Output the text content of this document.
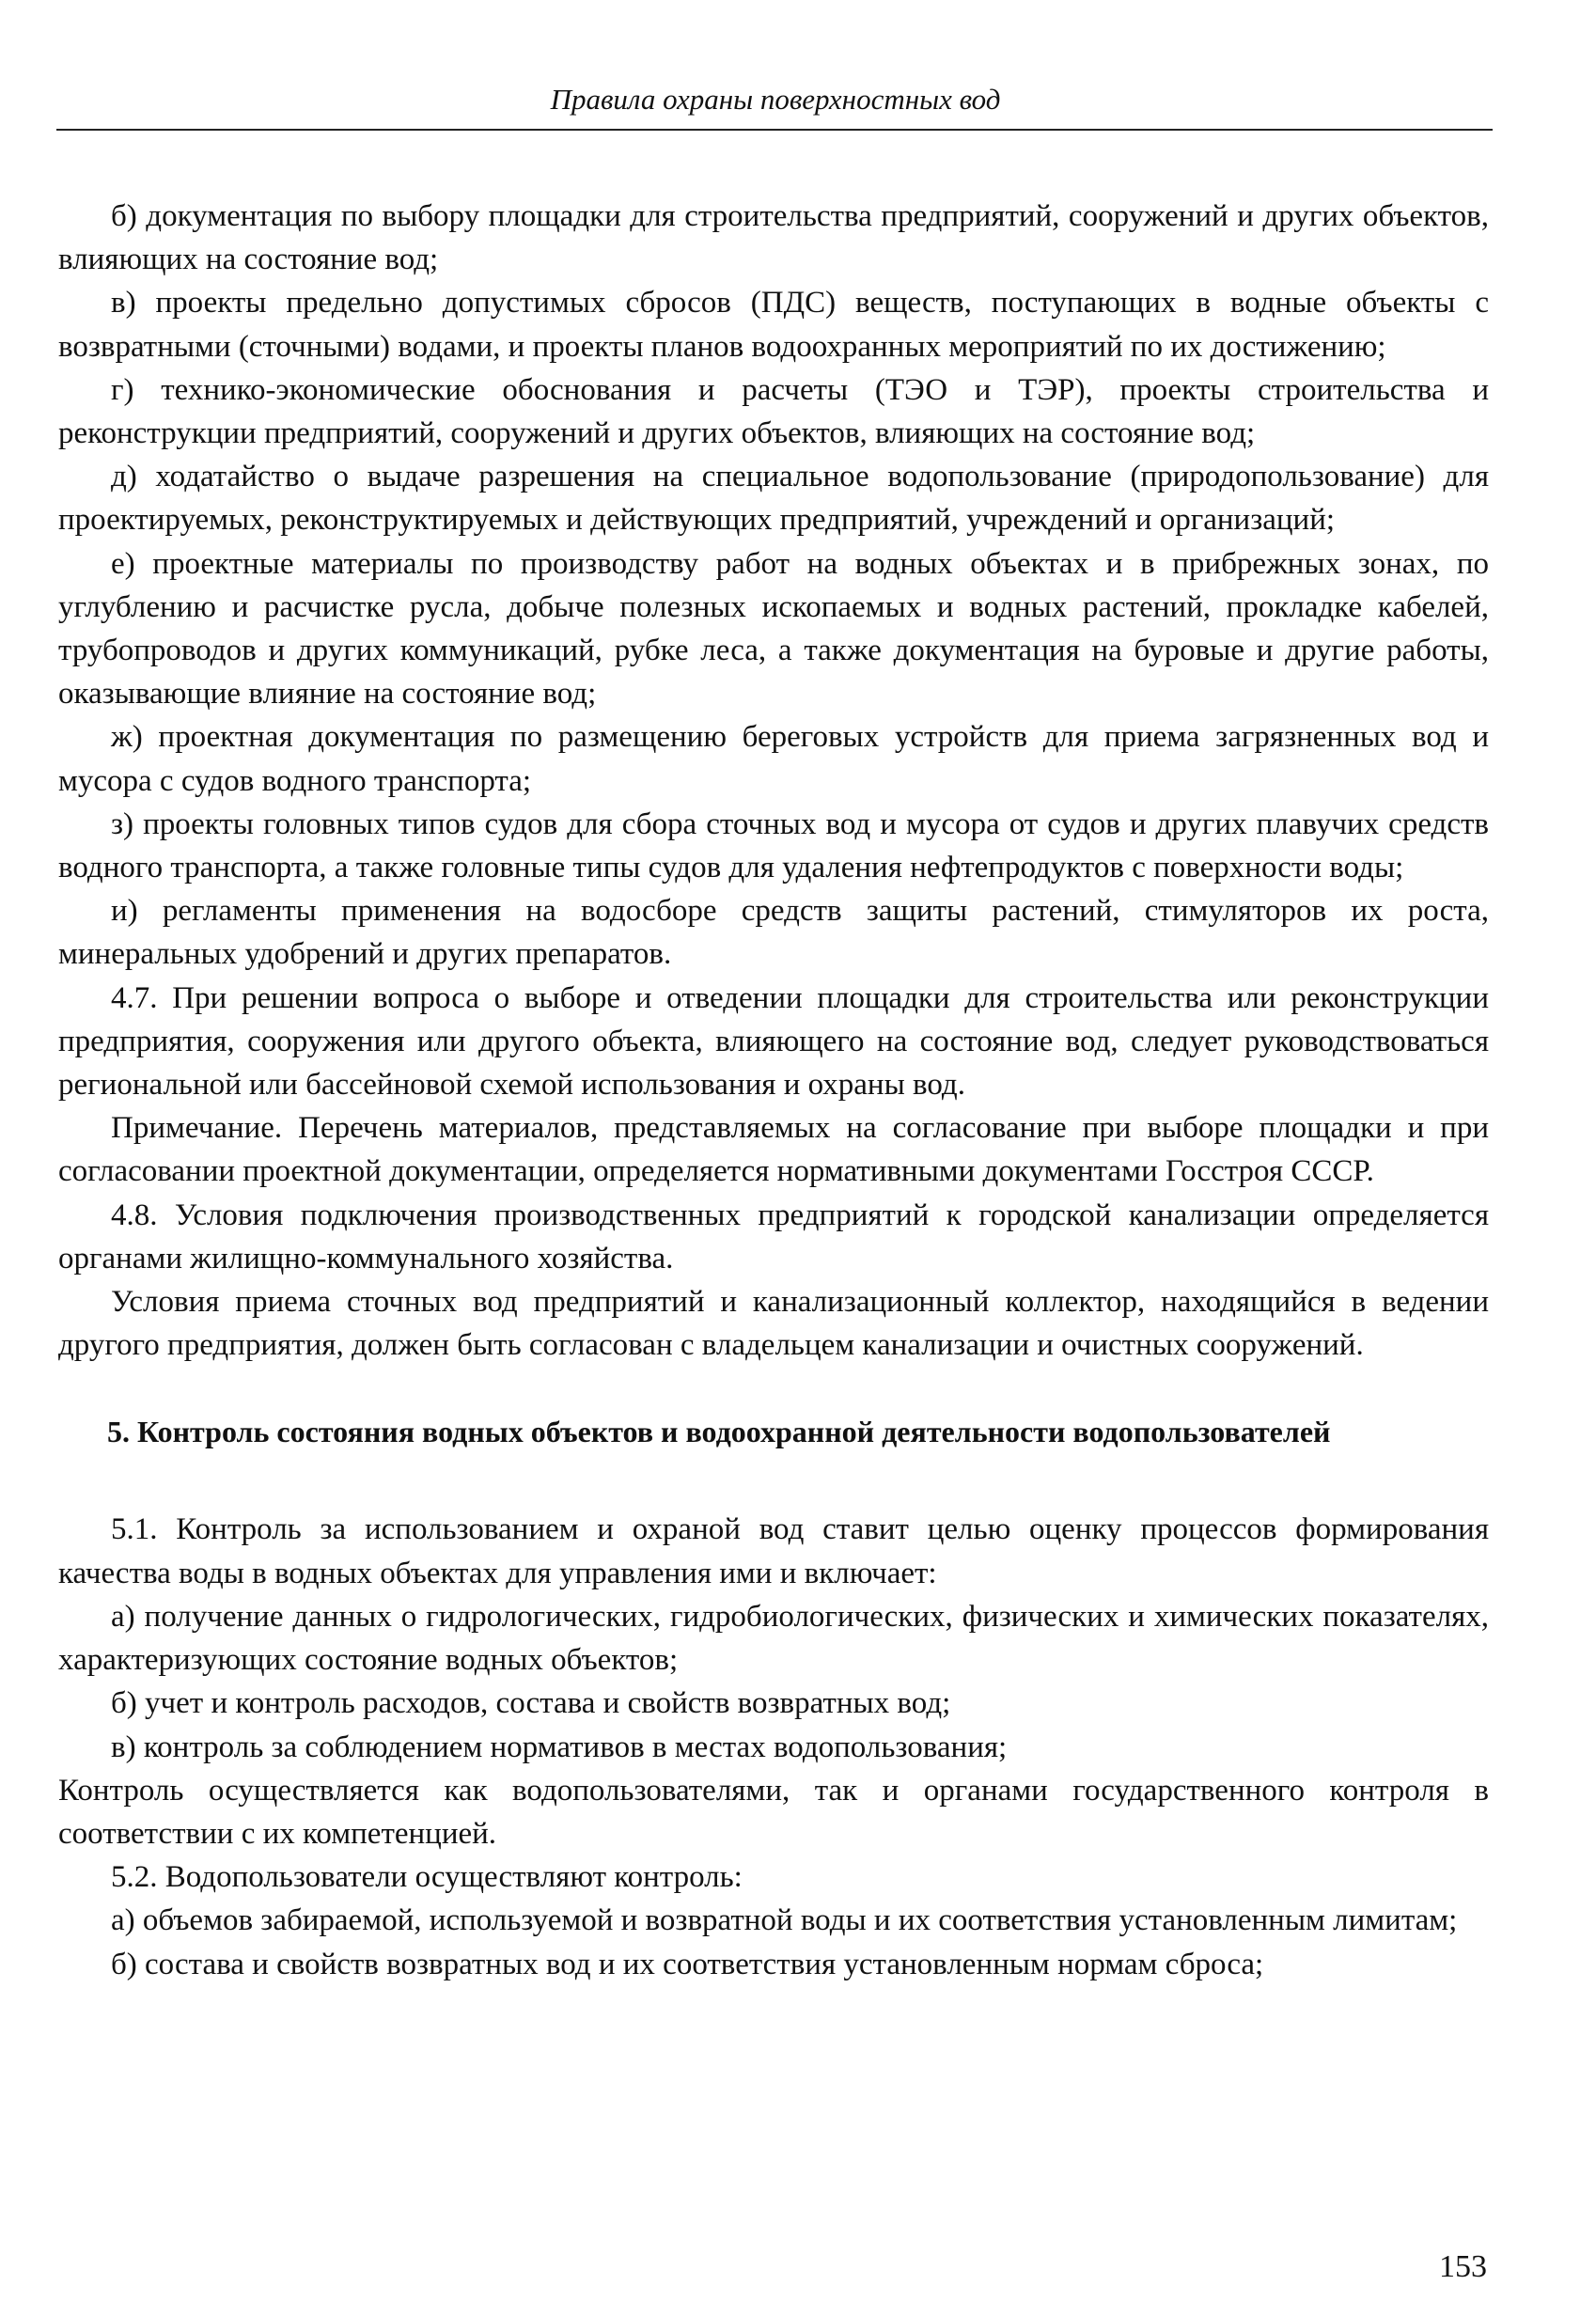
Правила охраны поверхностных вод

б) документация по выбору площадки для строительства предприятий, сооружений и других объектов, влияющих на состояние вод;

в) проекты предельно допустимых сбросов (ПДС) веществ, поступающих в водные объекты с возвратными (сточными) водами, и проекты планов водоохранных мероприятий по их достижению;

г) технико-экономические обоснования и расчеты (ТЭО и ТЭР), проекты строительства и реконструкции предприятий, сооружений и других объектов, влияющих на состояние вод;

д) ходатайство о выдаче разрешения на специальное водопользование (природопользование) для проектируемых, реконструктируемых и действующих предприятий, учреждений и организаций;

е) проектные материалы по производству работ на водных объектах и в прибрежных зонах, по углублению и расчистке русла, добыче полезных ископаемых и водных растений, прокладке кабелей, трубопроводов и других коммуникаций, рубке леса, а также документация на буровые и другие работы, оказывающие влияние на состояние вод;

ж) проектная документация по размещению береговых устройств для приема загрязненных вод и мусора с судов водного транспорта;

з) проекты головных типов судов для сбора сточных вод и мусора от судов и других плавучих средств водного транспорта, а также головные типы судов для удаления нефтепродуктов с поверхности воды;

и) регламенты применения на водосборе средств защиты растений, стимуляторов их роста, минеральных удобрений и других препаратов.

4.7. При решении вопроса о выборе и отведении площадки для строительства или реконструкции предприятия, сооружения или другого объекта, влияющего на состояние вод, следует руководствоваться региональной или бассейновой схемой использования и охраны вод.

Примечание. Перечень материалов, представляемых на согласование при выборе площадки и при согласовании проектной документации, определяется нормативными документами Госстроя СССР.

4.8. Условия подключения производственных предприятий к городской канализации определяется органами жилищно-коммунального хозяйства.

Условия приема сточных вод предприятий и канализационный коллектор, находящийся в ведении другого предприятия, должен быть согласован с владельцем канализации и очистных сооружений.

5. Контроль состояния водных объектов и водоохранной деятельности водопользователей

5.1. Контроль за использованием и охраной вод ставит целью оценку процессов формирования качества воды в водных объектах для управления ими и включает:

а) получение данных о гидрологических, гидробиологических, физических и химических показателях, характеризующих состояние водных объектов;

б) учет и контроль расходов, состава и свойств возвратных вод;

в) контроль за соблюдением нормативов в местах водопользования;

Контроль осуществляется как водопользователями, так и органами государственного контроля в соответствии с их компетенцией.

5.2. Водопользователи осуществляют контроль:

а) объемов забираемой, используемой и возвратной воды и их соответствия установленным лимитам;

б) состава и свойств возвратных вод и их соответствия установленным нормам сброса;

153
